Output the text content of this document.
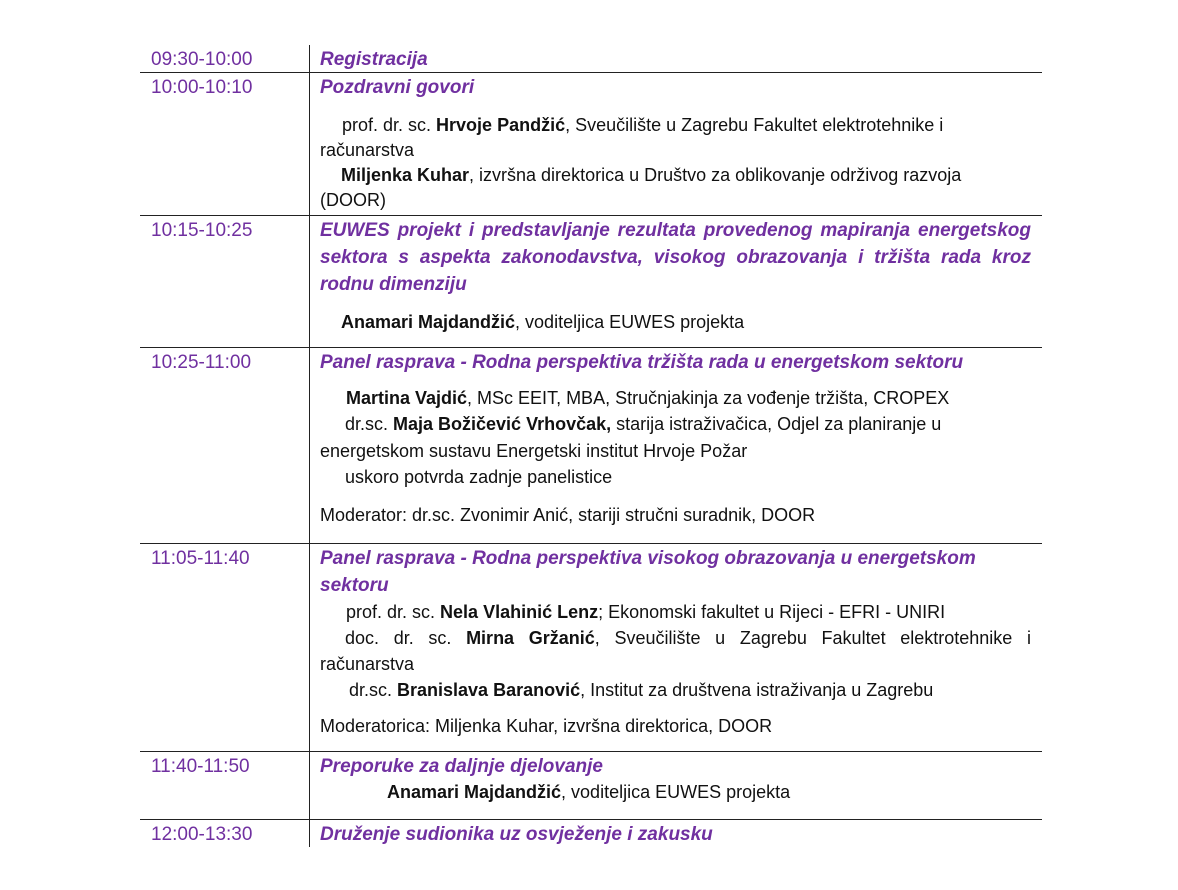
09:30-10:00	Registracija
10:00-10:10	Pozdravni govori
prof. dr. sc. Hrvoje Pandžić, Sveučilište u Zagrebu Fakultet elektrotehnike i računarstva
Miljenka Kuhar, izvršna direktorica u Društvo za oblikovanje održivog razvoja (DOOR)
10:15-10:25	EUWES projekt i predstavljanje rezultata provedenog mapiranja energetskog sektora s aspekta zakonodavstva, visokog obrazovanja i tržišta rada kroz rodnu dimenziju
Anamari Majdandžić, voditeljica EUWES projekta
10:25-11:00	Panel rasprava - Rodna perspektiva tržišta rada u energetskom sektoru
Martina Vajdić, MSc EEIT, MBA, Stručnjakinja za vođenje tržišta, CROPEX
dr.sc. Maja Božičević Vrhovčak, starija istraživačica, Odjel za planiranje u energetskom sustavu Energetski institut Hrvoje Požar
uskoro potvrda zadnje panelistice
Moderator: dr.sc. Zvonimir Anić, stariji stručni suradnik, DOOR
11:05-11:40	Panel rasprava - Rodna perspektiva visokog obrazovanja u energetskom sektoru
prof. dr. sc. Nela Vlahinić Lenz; Ekonomski fakultet u Rijeci - EFRI - UNIRI
doc. dr. sc. Mirna Gržanić, Sveučilište u Zagrebu Fakultet elektrotehnike i računarstva
dr.sc. Branislava Baranović, Institut za društvena istraživanja u Zagrebu
Moderatorica: Miljenka Kuhar, izvršna direktorica, DOOR
11:40-11:50	Preporuke za daljnje djelovanje
Anamari Majdandžić, voditeljica EUWES projekta
12:00-13:30	Druženje sudionika uz osvježenje i zakusku
